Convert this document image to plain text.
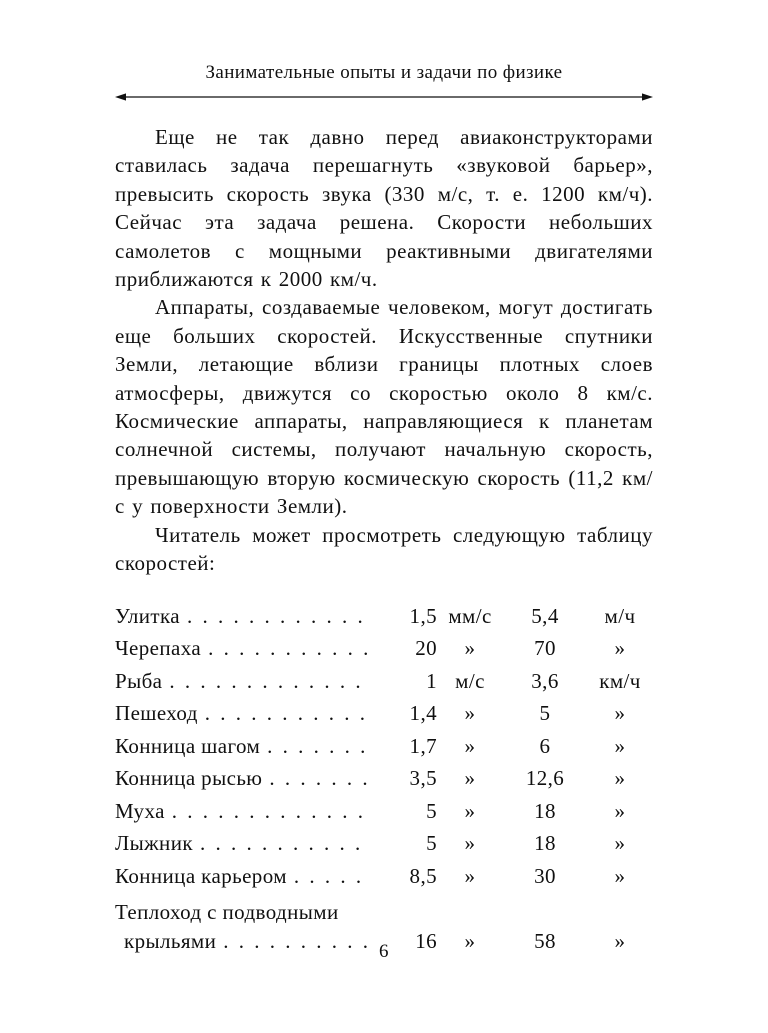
Занимательные опыты и задачи по физике

Еще не так давно перед авиаконструкторами ставилась задача перешагнуть «звуковой барьер», превысить скорость звука (330 м/с, т. е. 1200 км/ч). Сейчас эта задача решена. Скорости небольших самолетов с мощными реактивными двигателями приближаются к 2000 км/ч.

Аппараты, создаваемые человеком, могут достигать еще больших скоростей. Искусственные спутники Земли, летающие вблизи границы плотных слоев атмосферы, движутся со скоростью около 8 км/с. Космические аппараты, направляющиеся к планетам солнечной системы, получают начальную скорость, превышающую вторую космическую скорость (11,2 км/с у поверхности Земли).

Читатель может просмотреть следующую таблицу скоростей:

Улитка . . .	1,5 мм/с	5,4	м/ч
Черепаха . . .	20	»	70	»
Рыба . . .	1 м/с	3,6	км/ч
Пешеход . . .	1,4	»	5	»
Конница шагом . . .	1,7	»	6	»
Конница рысью . . .	3,5	»	12,6	»
Муха . . .	5	»	18	»
Лыжник . . .	5	»	18	»
Конница карьером . . .	8,5	»	30	»
Теплоход с подводными
крыльями . . .	16	»	58	»
6
